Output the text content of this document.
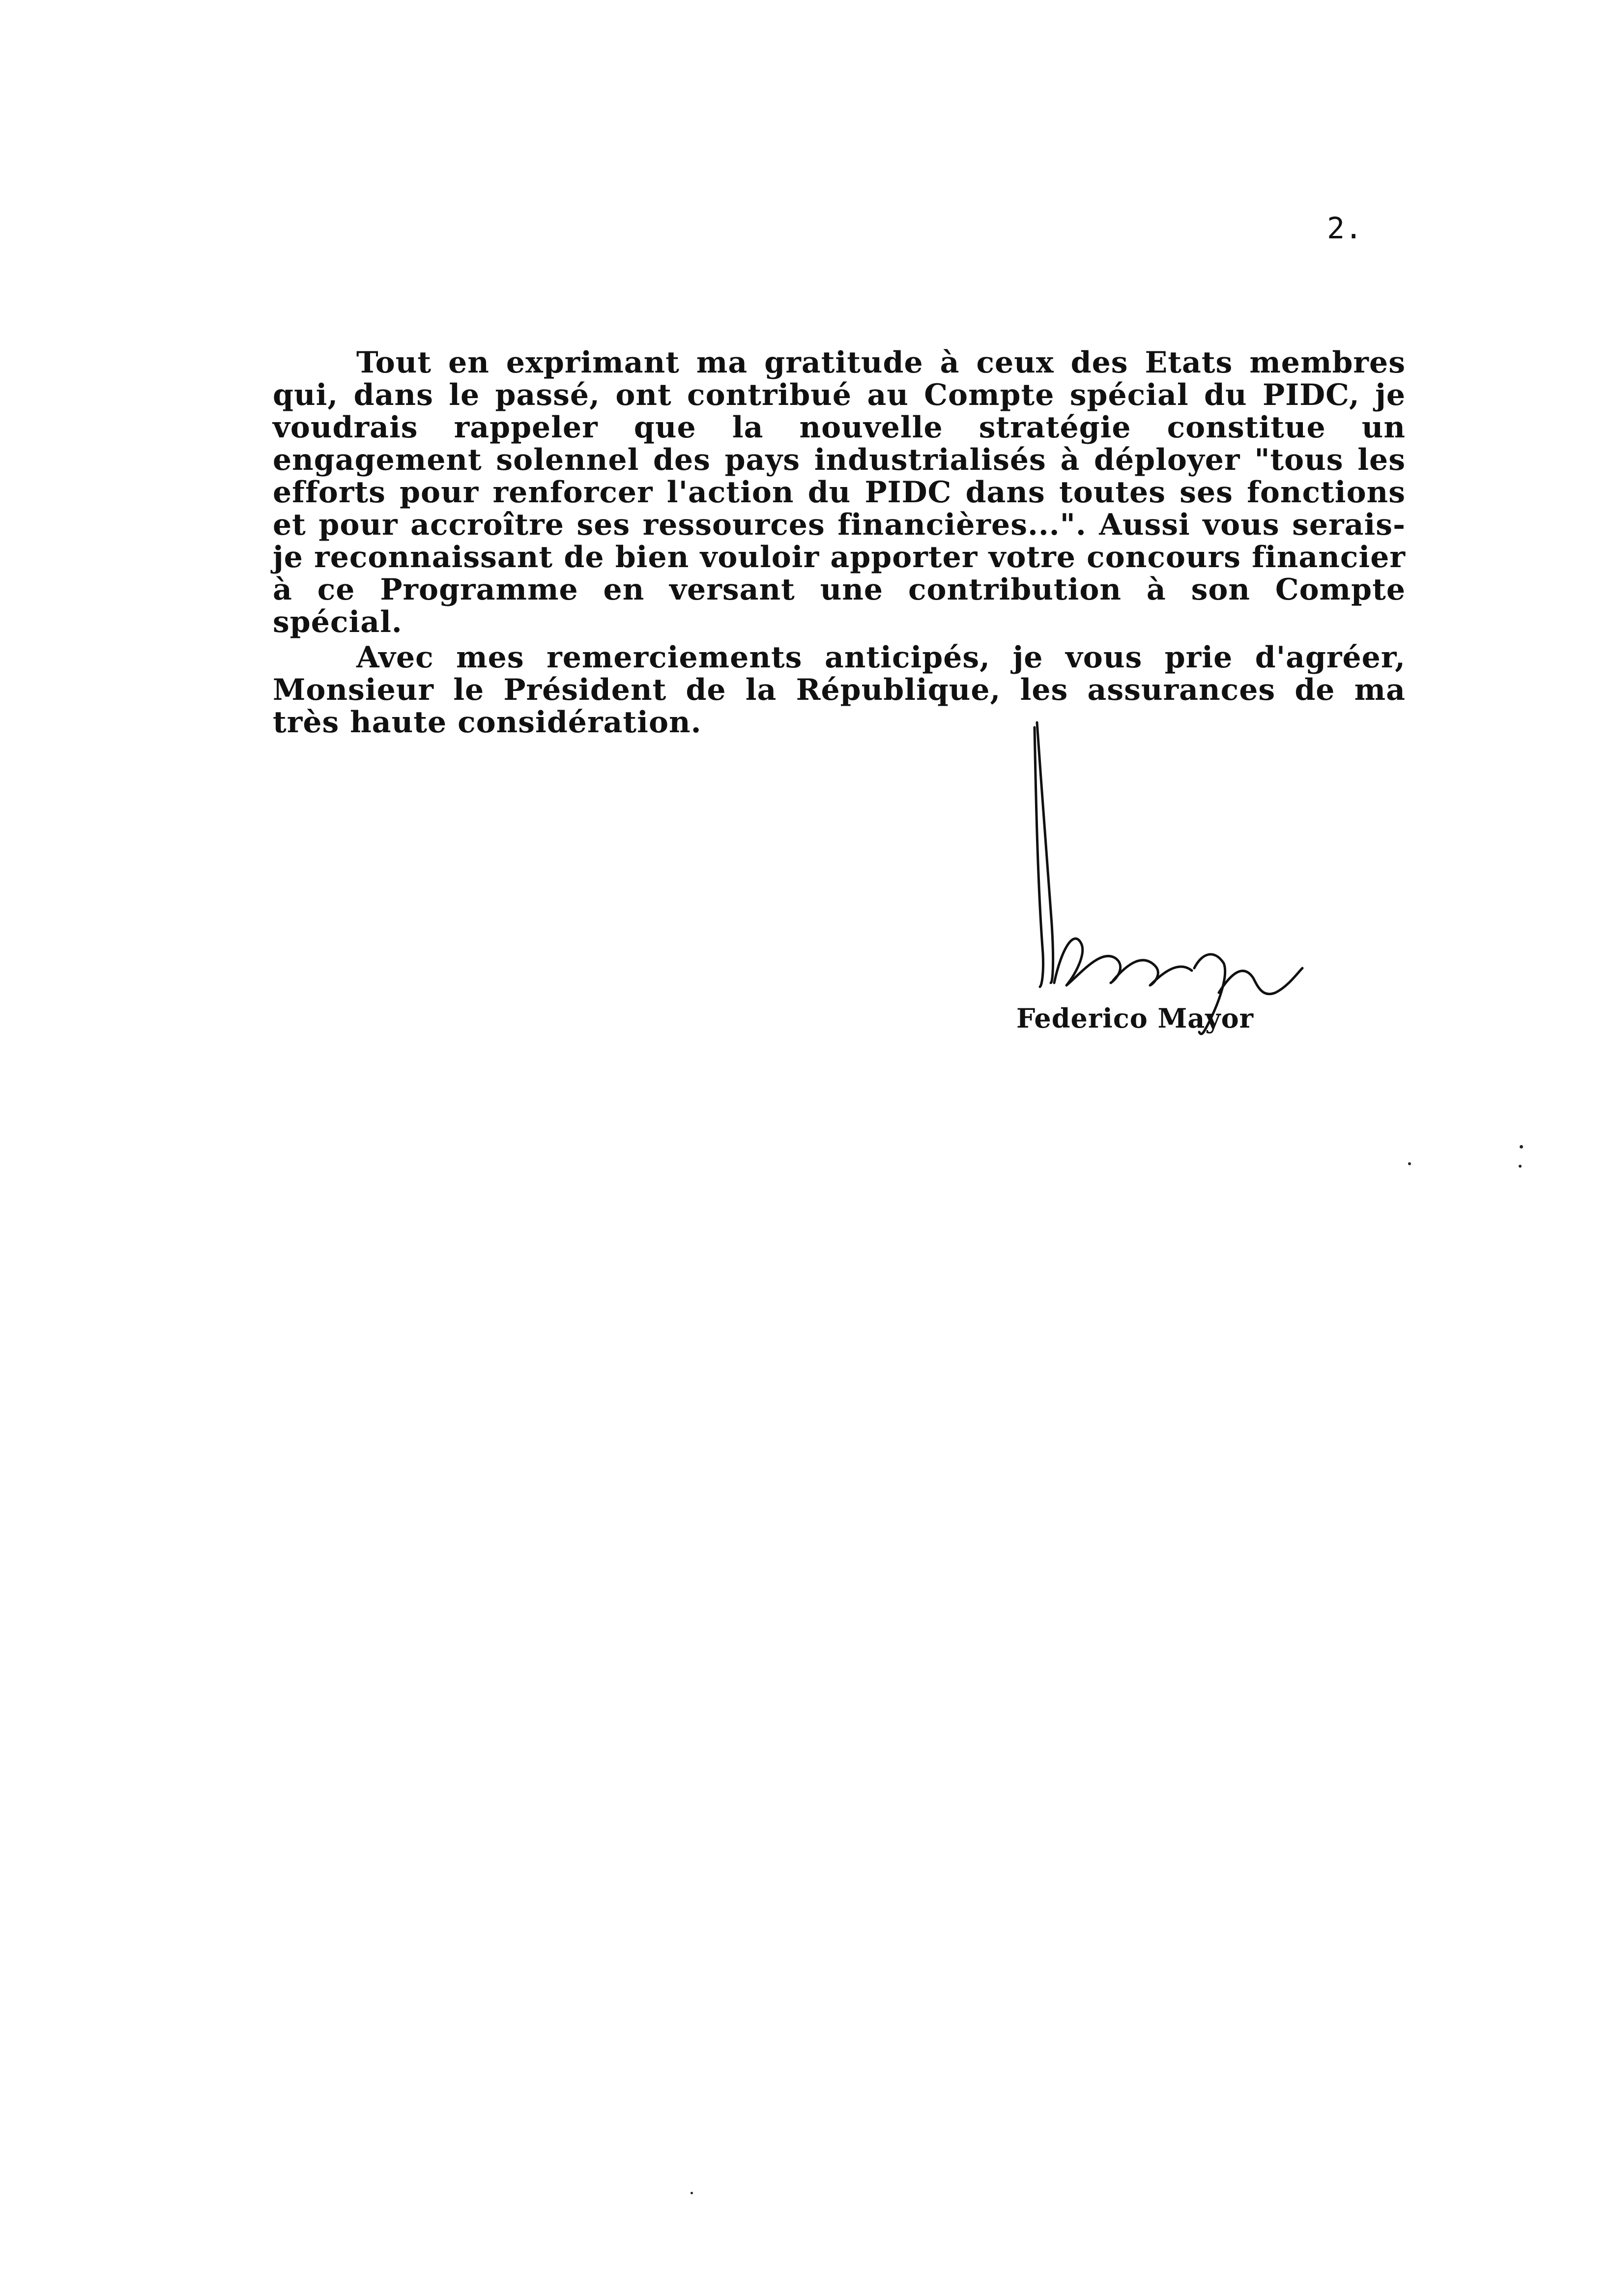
2.

Tout en exprimant ma gratitude à ceux des Etats membres qui, dans le passé, ont contribué au Compte spécial du PIDC, je voudrais rappeler que la nouvelle stratégie constitue un engagement solennel des pays industrialisés à déployer "tous les efforts pour renforcer l'action du PIDC dans toutes ses fonctions et pour accroître ses ressources financières...". Aussi vous serais-je reconnaissant de bien vouloir apporter votre concours financier à ce Programme en versant une contribution à son Compte spécial.

Avec mes remerciements anticipés, je vous prie d'agréer, Monsieur le Président de la République, les assurances de ma très haute considération.

Federico Mayor
